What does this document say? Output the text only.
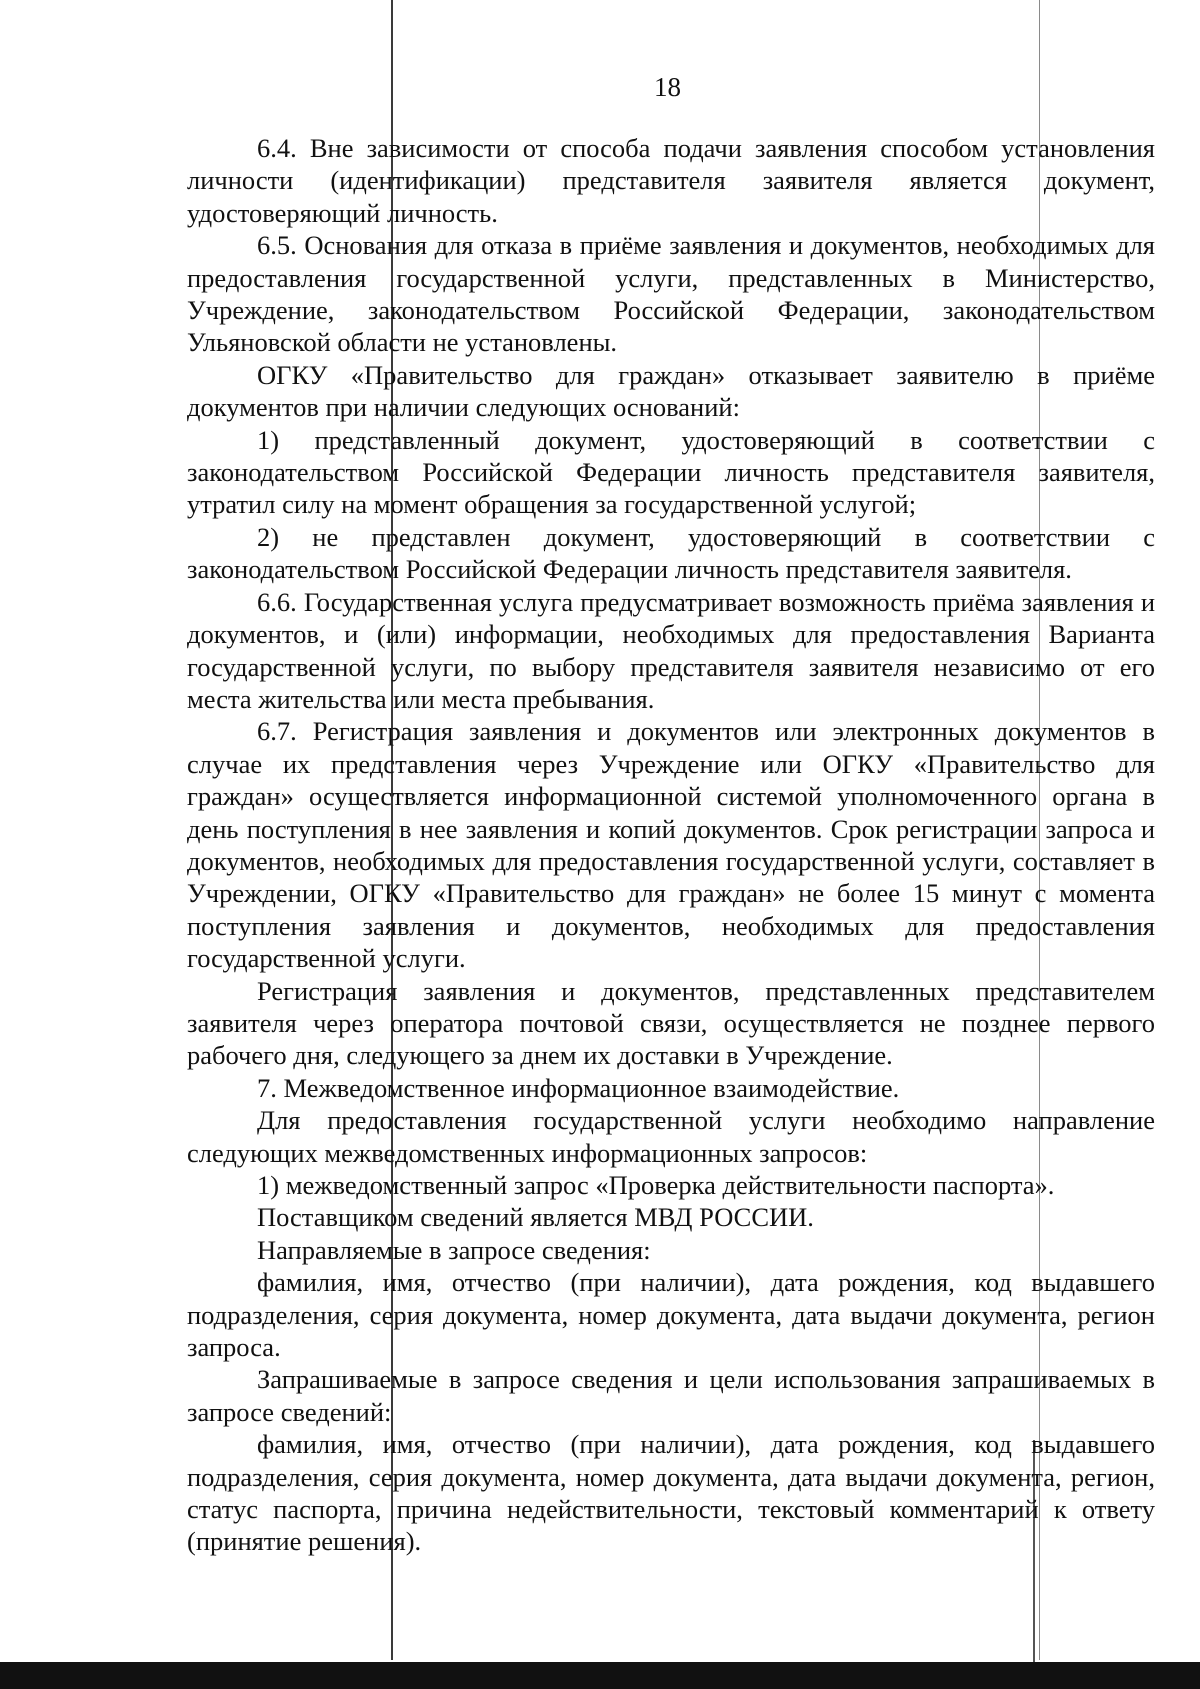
18

6.4. Вне зависимости от способа подачи заявления способом установления личности (идентификации) представителя заявителя является документ, удостоверяющий личность.

6.5. Основания для отказа в приёме заявления и документов, необходимых для предоставления государственной услуги, представленных в Министерство, Учреждение, законодательством Российской Федерации, законодательством Ульяновской области не установлены.

ОГКУ «Правительство для граждан» отказывает заявителю в приёме документов при наличии следующих оснований:

1) представленный документ, удостоверяющий в соответствии с законодательством Российской Федерации личность представителя заявителя, утратил силу на момент обращения за государственной услугой;

2) не представлен документ, удостоверяющий в соответствии с законодательством Российской Федерации личность представителя заявителя.

6.6. Государственная услуга предусматривает возможность приёма заявления и документов, и (или) информации, необходимых для предоставления Варианта государственной услуги, по выбору представителя заявителя независимо от его места жительства или места пребывания.

6.7. Регистрация заявления и документов или электронных документов в случае их представления через Учреждение или ОГКУ «Правительство для граждан» осуществляется информационной системой уполномоченного органа в день поступления в нее заявления и копий документов. Срок регистрации запроса и документов, необходимых для предоставления государственной услуги, составляет в Учреждении, ОГКУ «Правительство для граждан» не более 15 минут с момента поступления заявления и документов, необходимых для предоставления государственной услуги.

Регистрация заявления и документов, представленных представителем заявителя через оператора почтовой связи, осуществляется не позднее первого рабочего дня, следующего за днем их доставки в Учреждение.

7. Межведомственное информационное взаимодействие.

Для предоставления государственной услуги необходимо направление следующих межведомственных информационных запросов:

1) межведомственный запрос «Проверка действительности паспорта».

Поставщиком сведений является МВД РОССИИ.

Направляемые в запросе сведения:

фамилия, имя, отчество (при наличии), дата рождения, код выдавшего подразделения, серия документа, номер документа, дата выдачи документа, регион запроса.

Запрашиваемые в запросе сведения и цели использования запрашиваемых в запросе сведений:

фамилия, имя, отчество (при наличии), дата рождения, код выдавшего подразделения, серия документа, номер документа, дата выдачи документа, регион, статус паспорта, причина недействительности, текстовый комментарий к ответу (принятие решения).
